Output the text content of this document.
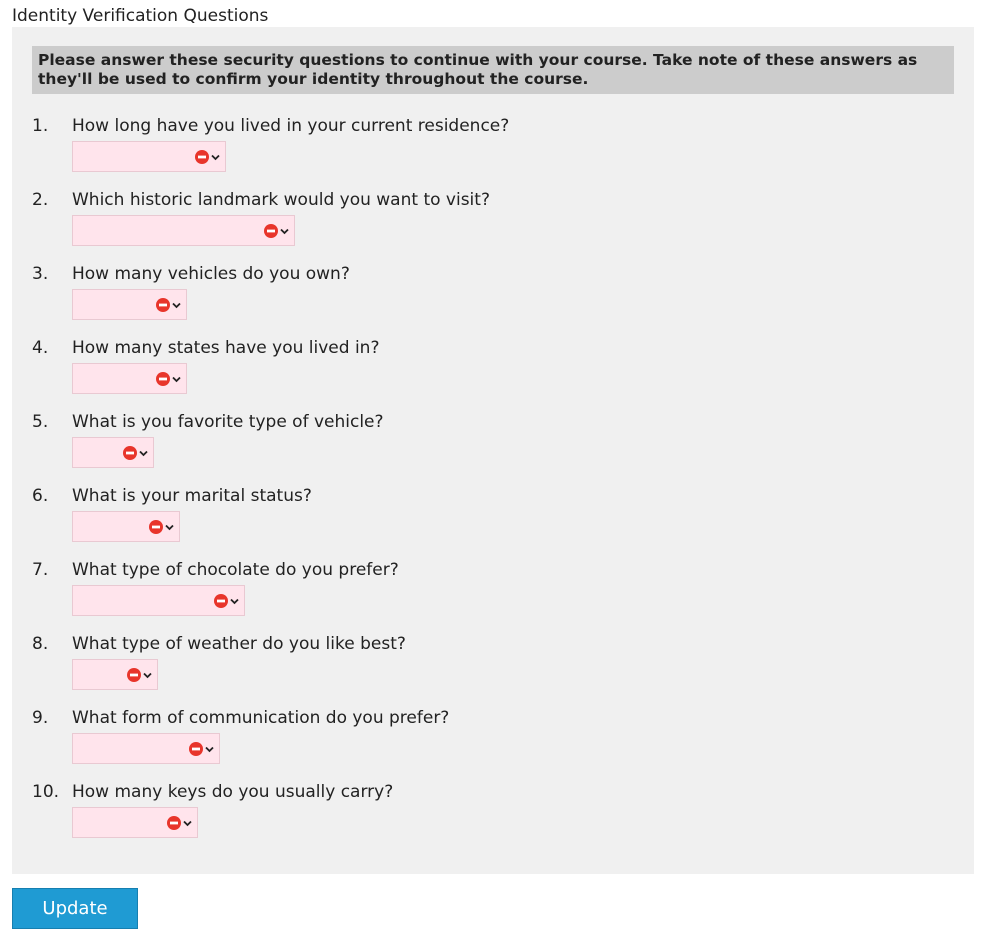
Identity Verification Questions
Please answer these security questions to continue with your course. Take note of these answers as they'll be used to confirm your identity throughout the course.
1. How long have you lived in your current residence?
2. Which historic landmark would you want to visit?
3. How many vehicles do you own?
4. How many states have you lived in?
5. What is you favorite type of vehicle?
6. What is your marital status?
7. What type of chocolate do you prefer?
8. What type of weather do you like best?
9. What form of communication do you prefer?
10. How many keys do you usually carry?
Update
